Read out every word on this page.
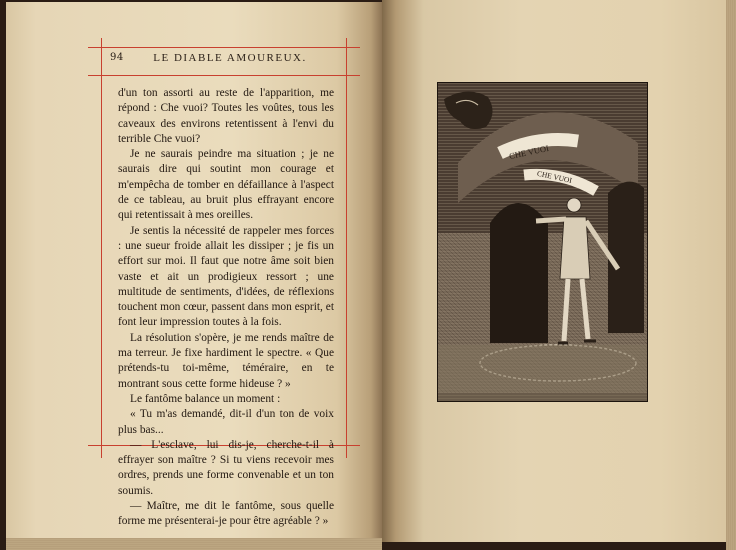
94	LE DIABLE AMOUREUX.

d'un ton assorti au reste de l'apparition, me répond : Che vuoi? Toutes les voûtes, tous les caveaux des environs retentissent à l'envi du terrible Che vuoi?

Je ne saurais peindre ma situation ; je ne saurais dire qui soutint mon courage et m'empêcha de tomber en défaillance à l'aspect de ce tableau, au bruit plus effrayant encore qui retentissait à mes oreilles.

Je sentis la nécessité de rappeler mes forces : une sueur froide allait les dissiper ; je fis un effort sur moi. Il faut que notre âme soit bien vaste et ait un prodigieux ressort ; une multitude de sentiments, d'idées, de réflexions touchent mon cœur, passent dans mon esprit, et font leur impression toutes à la fois.

La résolution s'opère, je me rends maître de ma terreur. Je fixe hardiment le spectre. « Que prétends-tu toi-même, téméraire, en te montrant sous cette forme hideuse ? »

Le fantôme balance un moment :

« Tu m'as demandé, dit-il d'un ton de voix plus bas...

— L'esclave, lui dis-je, cherche-t-il à effrayer son maître ? Si tu viens recevoir mes ordres, prends une forme convenable et un ton soumis.

— Maître, me dit le fantôme, sous quelle forme me présenterai-je pour être agréable ? »

CHE VUOI
CHE VUOI
